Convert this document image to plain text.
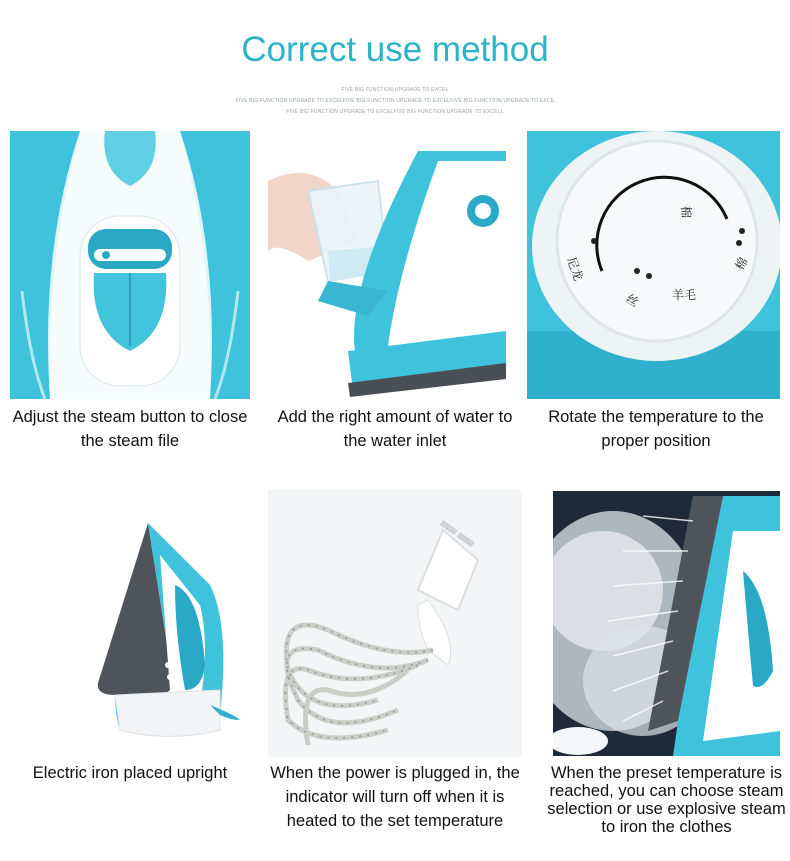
Correct use method
FIVE BIG FUNCTION UPGRADE TO EXCEL
FIVE BIG FUNCTION UPGRADE TO EXCELFIVE BIG FUNCTION UPGRADE TO EXCELFIVE BIG FUNCTION UPGRADE TO EXCE
FIVE BIG FUNCTION UPGRADE TO EXCELFIVE BIG FUNCTION UPGRADE TO EXCELL
棉
棉
羊毛
丝
尼龙
Adjust the steam button to close the steam file
Add the right amount of water to the water inlet
Rotate the temperature to the proper position
Electric iron placed upright	When the power is plugged in, the indicator will turn off when it is heated to the set temperature
When the preset temperature is reached, you can choose steam selection or use explosive steam to iron the clothes
